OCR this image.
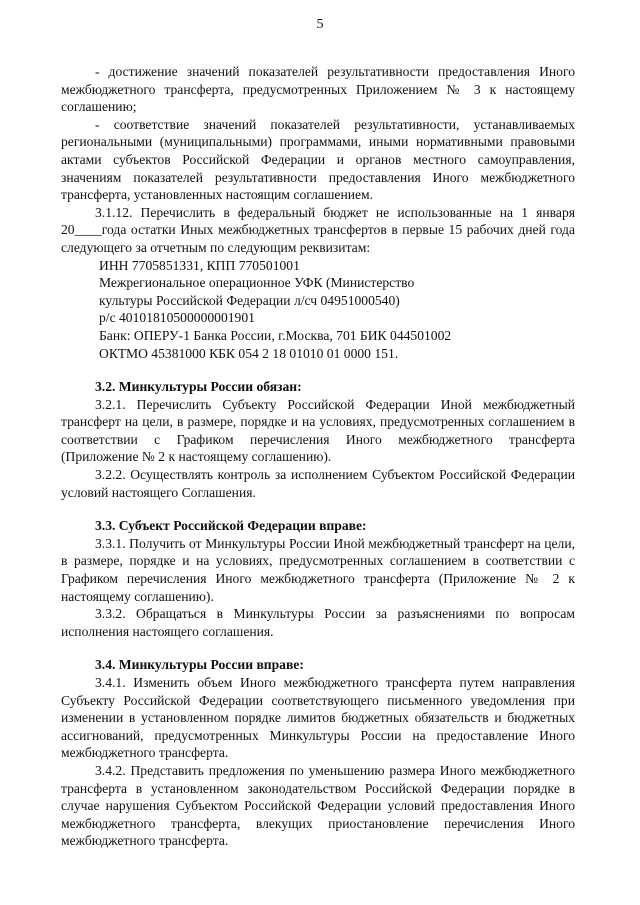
5

- достижение значений показателей результативности предоставления Иного межбюджетного трансферта, предусмотренных Приложением № 3 к настоящему соглашению;

- соответствие значений показателей результативности, устанавливаемых региональными (муниципальными) программами, иными нормативными правовыми актами субъектов Российской Федерации и органов местного самоуправления, значениям показателей результативности предоставления Иного межбюджетного трансферта, установленных настоящим соглашением.

3.1.12. Перечислить в федеральный бюджет не использованные на 1 января 20____года остатки Иных межбюджетных трансфертов в первые 15 рабочих дней года следующего за отчетным по следующим реквизитам:

ИНН 7705851331, КПП 770501001

Межрегиональное операционное УФК (Министерство

культуры Российской Федерации л/сч 04951000540)

р/с 40101810500000001901

Банк: ОПЕРУ-1 Банка России, г.Москва, 701 БИК 044501002

ОКТМО 45381000 КБК 054 2 18 01010 01 0000 151.

3.2. Минкультуры России обязан:

3.2.1. Перечислить Субъекту Российской Федерации Иной межбюджетный трансферт на цели, в размере, порядке и на условиях, предусмотренных соглашением в соответствии с Графиком перечисления Иного межбюджетного трансферта (Приложение № 2 к настоящему соглашению).

3.2.2. Осуществлять контроль за исполнением Субъектом Российской Федерации условий настоящего Соглашения.

3.3. Субъект Российской Федерации вправе:

3.3.1. Получить от Минкультуры России Иной межбюджетный трансферт на цели, в размере, порядке и на условиях, предусмотренных соглашением в соответствии с Графиком перечисления Иного межбюджетного трансферта (Приложение № 2 к настоящему соглашению).

3.3.2. Обращаться в Минкультуры России за разъяснениями по вопросам исполнения настоящего соглашения.

3.4. Минкультуры России вправе:

3.4.1. Изменить объем Иного межбюджетного трансферта путем направления Субъекту Российской Федерации соответствующего письменного уведомления при изменении в установленном порядке лимитов бюджетных обязательств и бюджетных ассигнований, предусмотренных Минкультуры России на предоставление Иного межбюджетного трансферта.

3.4.2. Представить предложения по уменьшению размера Иного межбюджетного трансферта в установленном законодательством Российской Федерации порядке в случае нарушения Субъектом Российской Федерации условий предоставления Иного межбюджетного трансферта, влекущих приостановление перечисления Иного межбюджетного трансферта.
